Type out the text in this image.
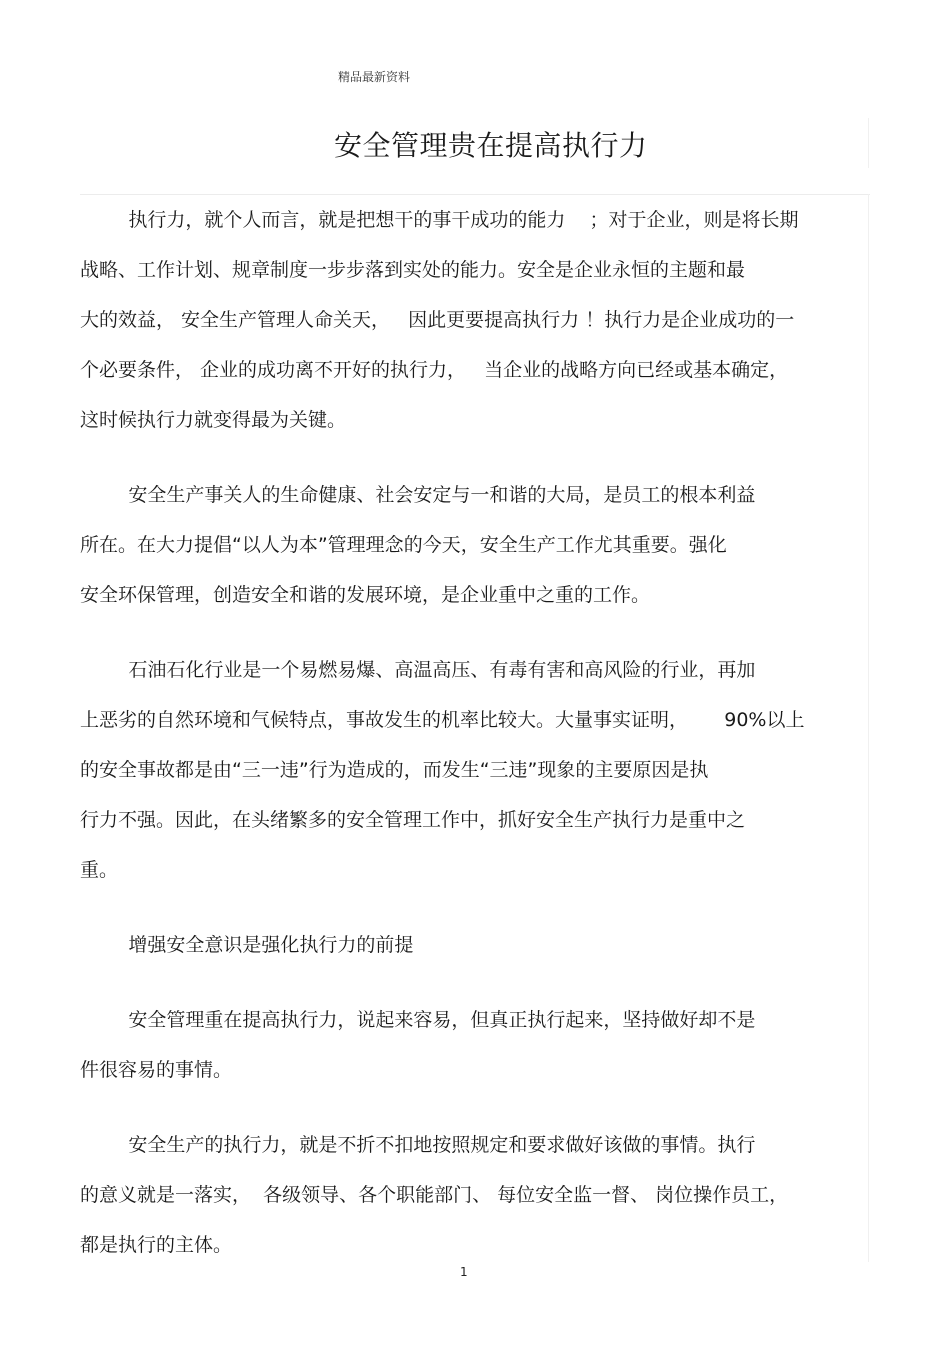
精品最新资料
安全管理贵在提高执行力
执行力，就个人而言，就是把想干的事干成功的能力    ；对于企业，则是将长期
战略、工作计划、规章制度一步步落到实处的能力。安全是企业永恒的主题和最
大的效益， 安全生产管理人命关天，   因此更要提高执行力 ！执行力是企业成功的一
个必要条件， 企业的成功离不开好的执行力，   当企业的战略方向已经或基本确定，
这时候执行力就变得最为关键。
安全生产事关人的生命健康、社会安定与一和谐的大局，是员工的根本利益
所在。在大力提倡“以人为本”管理理念的今天，安全生产工作尤其重要。强化
安全环保管理，创造安全和谐的发展环境，是企业重中之重的工作。
石油石化行业是一个易燃易爆、高温高压、有毒有害和高风险的行业，再加
上恶劣的自然环境和气候特点，事故发生的机率比较大。大量事实证明，      90%以上
的安全事故都是由“三一违”行为造成的，而发生“三违”现象的主要原因是执
行力不强。因此，在头绪繁多的安全管理工作中，抓好安全生产执行力是重中之
重。
增强安全意识是强化执行力的前提
安全管理重在提高执行力，说起来容易，但真正执行起来，坚持做好却不是
件很容易的事情。
安全生产的执行力，就是不折不扣地按照规定和要求做好该做的事情。执行
的意义就是一落实，  各级领导、各个职能部门、 每位安全监一督、 岗位操作员工，
都是执行的主体。
1
